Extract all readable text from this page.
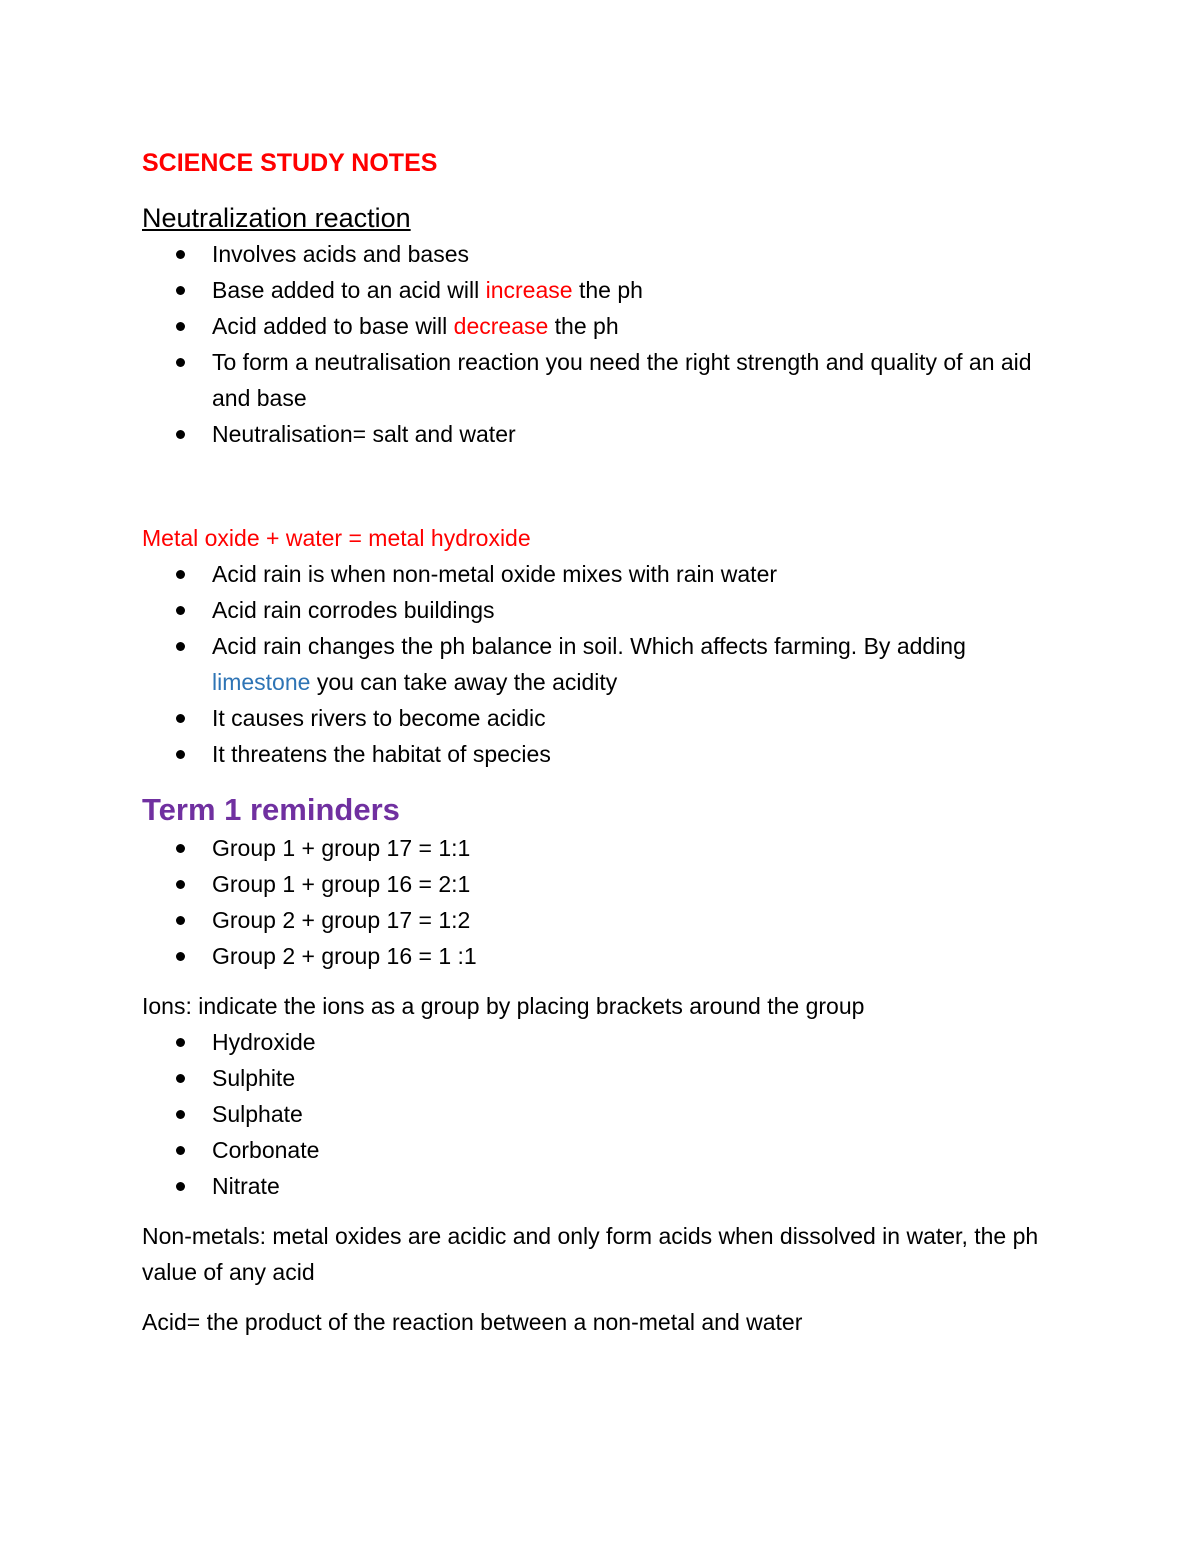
SCIENCE STUDY NOTES
Neutralization reaction
Involves acids and bases
Base added to an acid will increase the ph
Acid added to base will decrease the ph
To form a neutralisation reaction you need the right strength and quality of an aid and base
Neutralisation= salt and water

Metal oxide + water = metal hydroxide

Acid rain is when non-metal oxide mixes with rain water
Acid rain corrodes buildings
Acid rain changes the ph balance in soil. Which affects farming. By adding limestone you can take away the acidity
It causes rivers to become acidic
It threatens the habitat of species
Term 1 reminders
Group 1 + group 17 = 1:1
Group 1 + group 16 = 2:1
Group 2 + group 17 = 1:2
Group 2 + group 16 = 1 :1

Ions: indicate the ions as a group by placing brackets around the group

Hydroxide
Sulphite
Sulphate
Corbonate
Nitrate

Non-metals: metal oxides are acidic and only form acids when dissolved in water, the ph value of any acid

Acid= the product of the reaction between a non-metal and water
